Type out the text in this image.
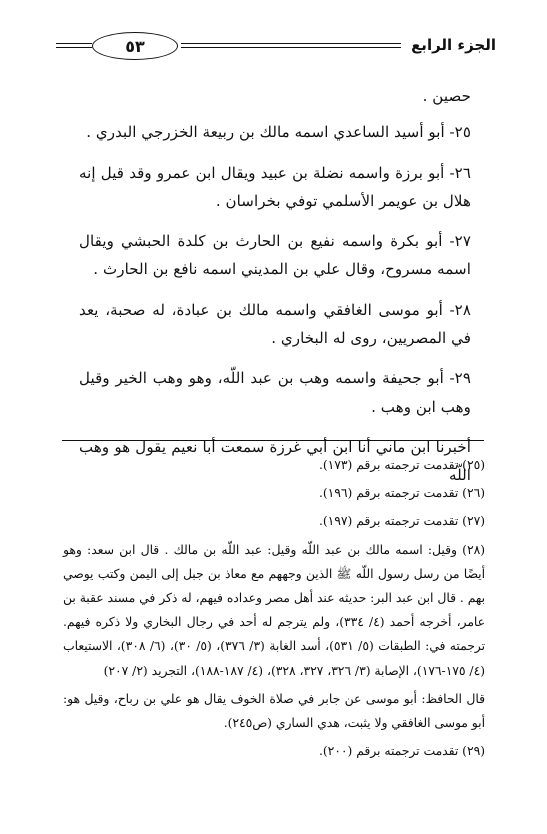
الجزء الرابع
٥٣

حصين .

٢٥- أبو أسيد الساعدي اسمه مالك بن ربيعة الخزرجي البدري .

٢٦- أبو برزة واسمه نضلة بن عبيد ويقال ابن عمرو وقد قيل إنه هلال بن عويمر الأسلمي توفي بخراسان .

٢٧- أبو بكرة واسمه نفيع بن الحارث بن كلدة الحبشي ويقال اسمه مسروح، وقال علي بن المديني اسمه نافع بن الحارث .

٢٨- أبو موسى الغافقي واسمه مالك بن عبادة، له صحبة، يعد في المصريين، روى له البخاري .

٢٩- أبو جحيفة واسمه وهب بن عبد اللّه، وهو وهب الخير وقيل وهب ابن وهب .

أخبرنا ابن ماني أنا ابن أبي غرزة سمعت أبا نعيم يقول هو وهب اللّه

(٢٥) تقدمت ترجمته برقم (١٧٣).

(٢٦) تقدمت ترجمته برقم (١٩٦).

(٢٧) تقدمت ترجمته برقم (١٩٧).

(٢٨) وقيل: اسمه مالك بن عبد اللّه وقيل: عبد اللّه بن مالك . قال ابن سعد: وهو أيضًا من رسل رسول اللّه ﷺ الذين وجههم مع معاذ بن جبل إلى اليمن وكتب يوصي بهم . قال ابن عبد البر: حديثه عند أهل مصر وعداده فيهم، له ذكر في مسند عقبة بن عامر، أخرجه أحمد (٤/ ٣٣٤)، ولم يترجم له أحد في رجال البخاري ولا ذكره فيهم. ترجمته في: الطبقات (٥/ ٥٣١)، أسد الغابة (٣/ ٣٧٦)، (٥/ ٣٠)، (٦/ ٣٠٨)، الاستيعاب (٤/ ١٧٥-١٧٦)، الإصابة (٣/ ٣٢٦، ٣٢٧، ٣٢٨)، (٤/ ١٨٧-١٨٨)، التجريد (٢/ ٢٠٧)

قال الحافظ: أبو موسى عن جابر في صلاة الخوف يقال هو علي بن رباح، وقيل هو: أبو موسى الغافقي ولا يثبت، هدي الساري (ص٢٤٥).

(٢٩) تقدمت ترجمته برقم (٢٠٠).
